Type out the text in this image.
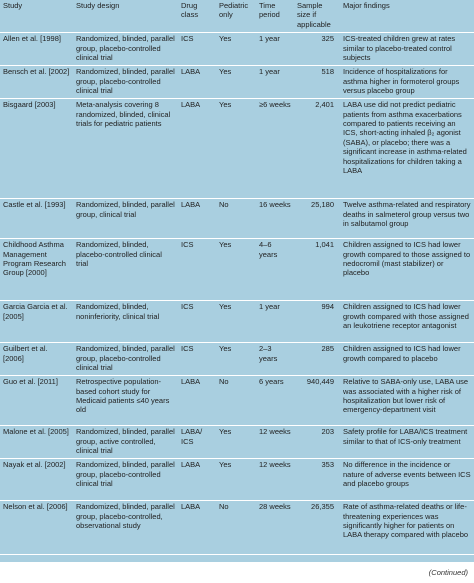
Study	Study design	Drug class	Pediatric only	Time period	Sample size if applicable	Major findings
Allen et al. [1998]	Randomized, blinded, parallel group, placebo-controlled clinical trial	ICS	Yes	1 year	325	ICS-treated children grew at rates similar to placebo-treated control subjects
Bensch et al. [2002]	Randomized, blinded, parallel group, placebo-controlled clinical trial	LABA	Yes	1 year	518	Incidence of hospitalizations for asthma higher in formoterol groups versus placebo group
Bisgaard [2003]	Meta-analysis covering 8 randomized, blinded, clinical trials for pediatric patients	LABA	Yes	≥6 weeks	2,401	LABA use did not predict pediatric patients from asthma exacerbations compared to patients receiving an ICS, short-acting inhaled β₂ agonist (SABA), or placebo; there was a significant increase in asthma-related hospitalizations for children taking a LABA
Castle et al. [1993]	Randomized, blinded, parallel group, clinical trial	LABA	No	16 weeks	25,180	Twelve asthma-related and respiratory deaths in salmeterol group versus two in salbutamol group
Childhood Asthma Management Program Research Group [2000]	Randomized, blinded, placebo-controlled clinical trial	ICS	Yes	4–6 years	1,041	Children assigned to ICS had lower growth compared to those assigned to nedocromil (mast stabilizer) or placebo
Garcia Garcia et al. [2005]	Randomized, blinded, noninferiority, clinical trial	ICS	Yes	1 year	994	Children assigned to ICS had lower growth compared with those assigned an leukotriene receptor antagonist
Guilbert et al. [2006]	Randomized, blinded, parallel group, placebo-controlled clinical trial	ICS	Yes	2–3 years	285	Children assigned to ICS had lower growth compared to placebo
Guo et al. [2011]	Retrospective population-based cohort study for Medicaid patients ≤40 years old	LABA	No	6 years	940,449	Relative to SABA-only use, LABA use was associated with a higher risk of hospitalization but lower risk of emergency-department visit
Malone et al. [2005]	Randomized, blinded, parallel group, active controlled, clinical trial	LABA/ ICS	Yes	12 weeks	203	Safety profile for LABA/ICS treatment similar to that of ICS-only treatment
Nayak et al. [2002]	Randomized, blinded, parallel group, placebo-controlled clinical trial	LABA	Yes	12 weeks	353	No difference in the incidence or nature of adverse events between ICS and placebo groups
Nelson et al. [2006]	Randomized, blinded, parallel group, placebo-controlled, observational study	LABA	No	28 weeks	26,355	Rate of asthma-related deaths or life-threatening experiences was significantly higher for patients on LABA therapy compared with placebo
(Continued)
